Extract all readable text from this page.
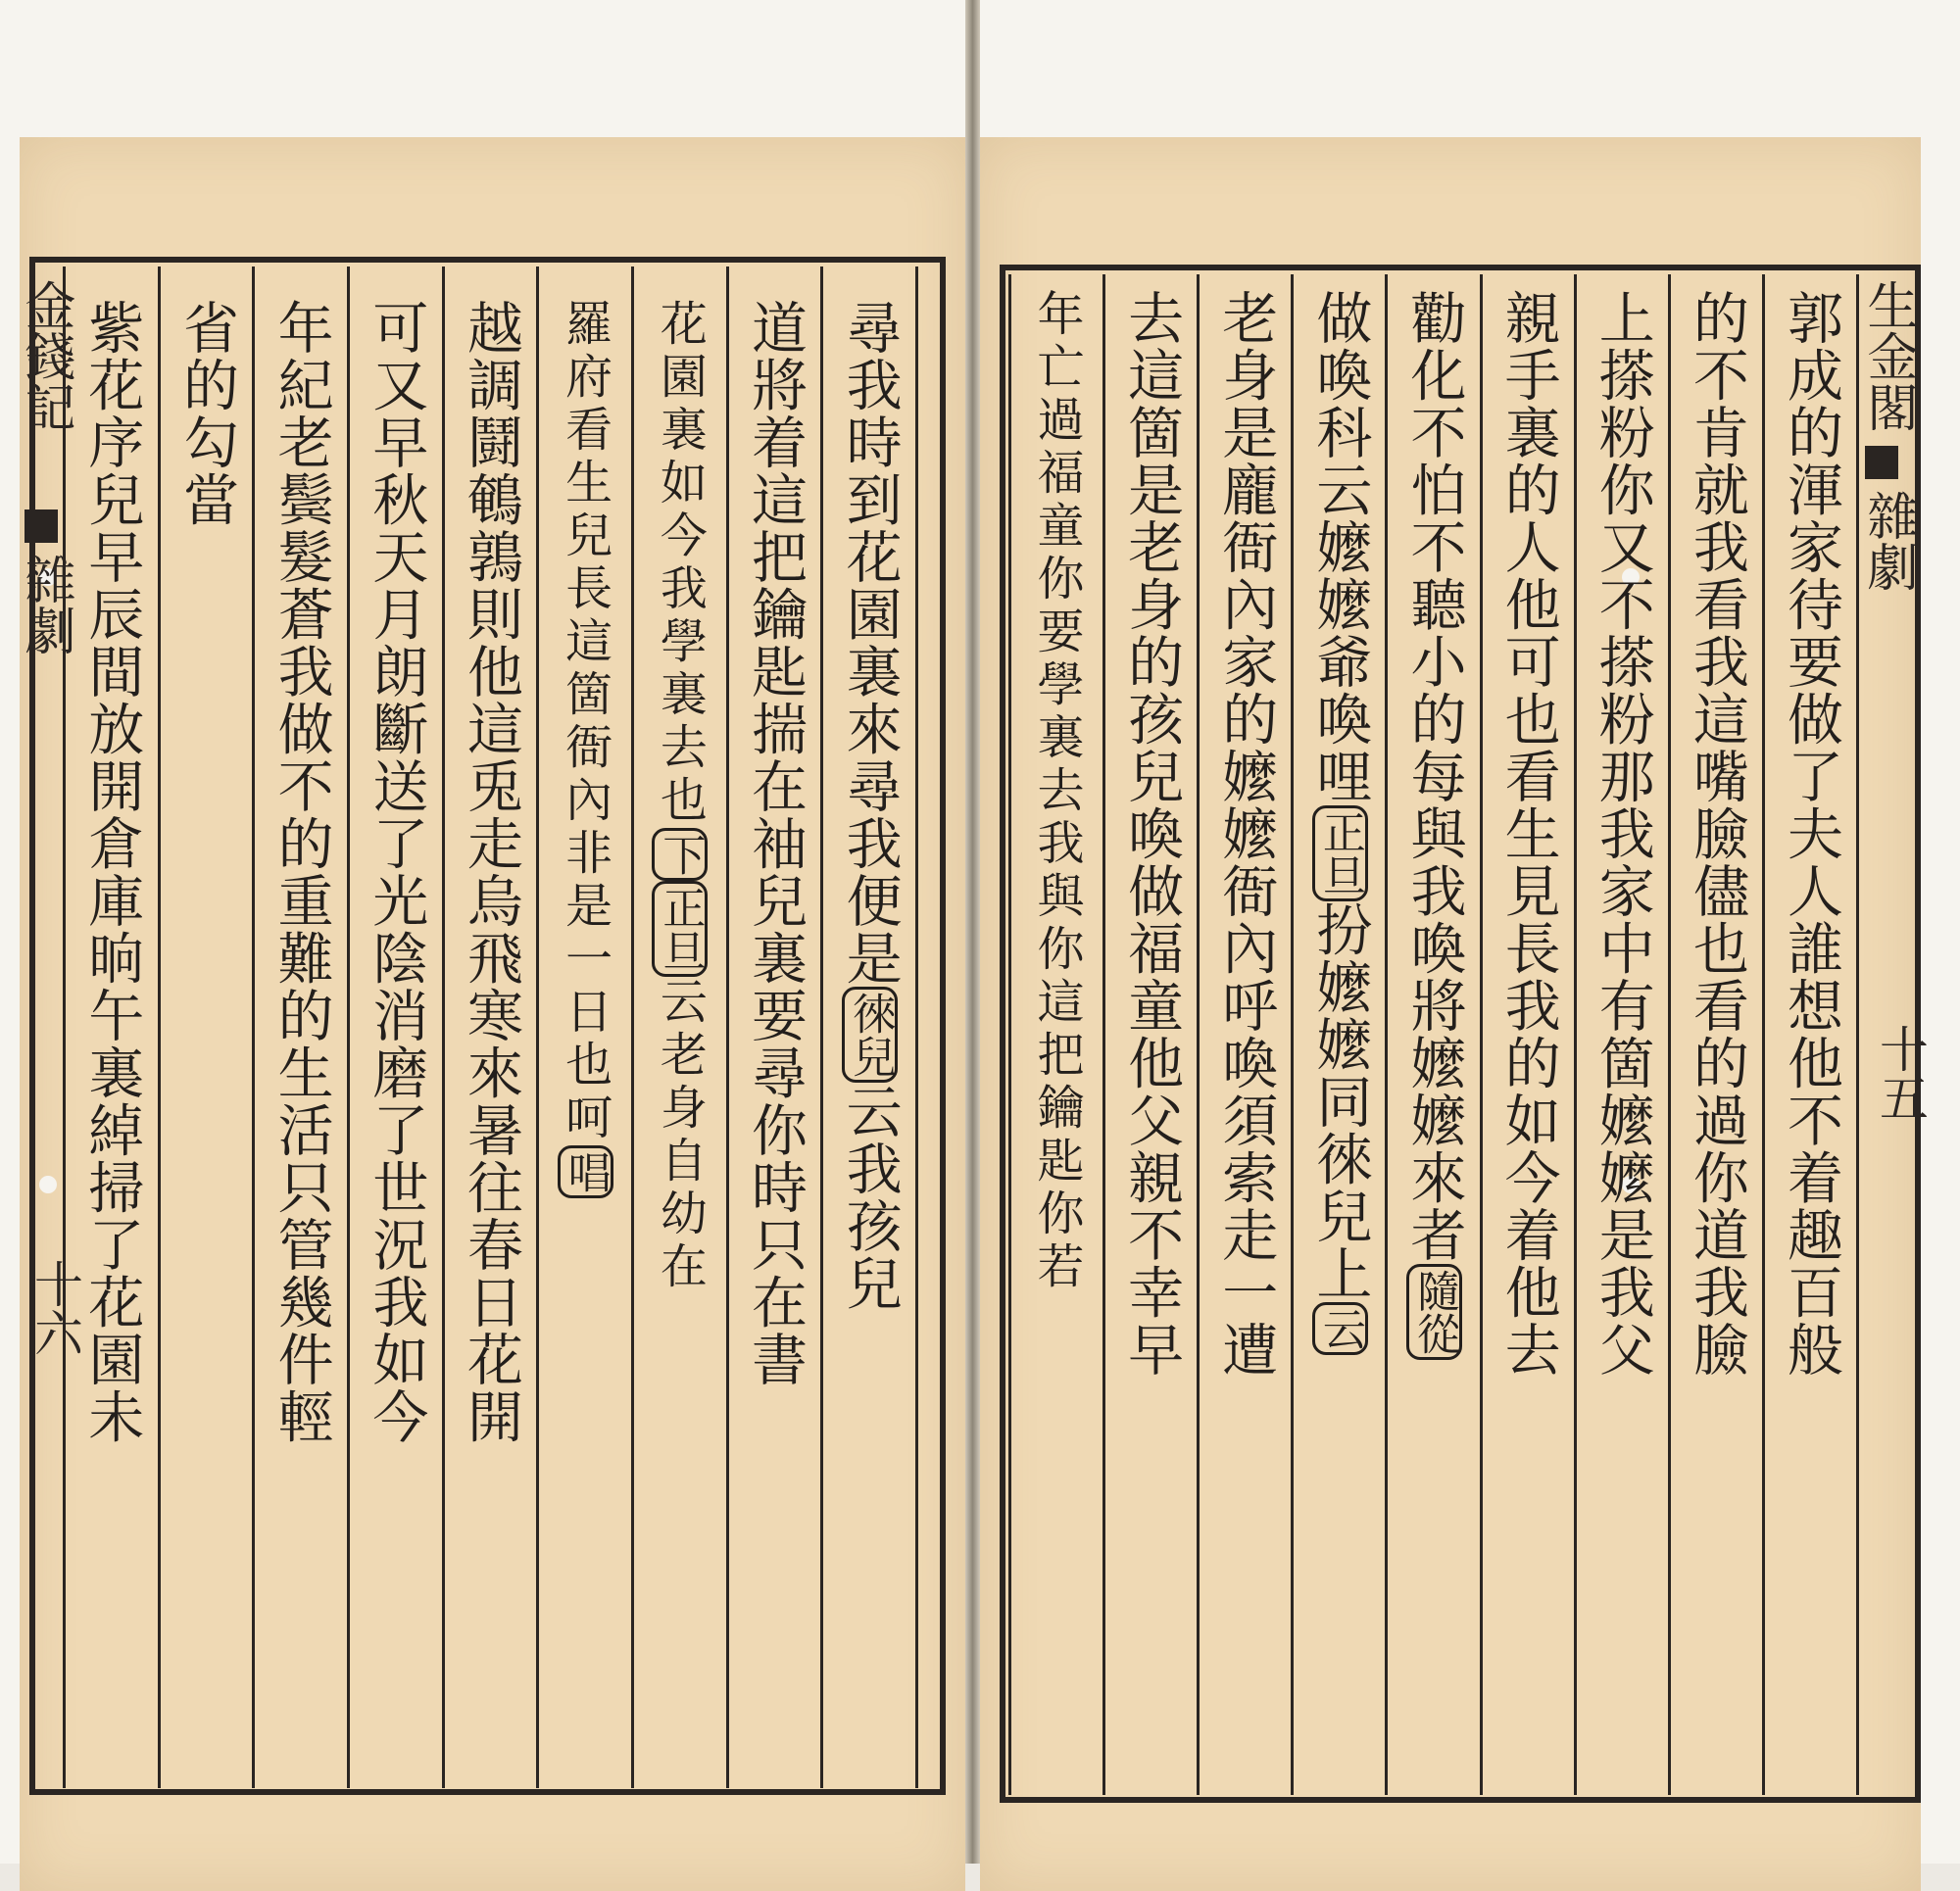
尋我時到花園裏來尋我便是徠兒云我孩兒
道將着這把鑰匙揣在袖兒裏要尋你時只在書
花園裏如今我學裏去也下正旦云老身自幼在
羅府看生兒長這箇衙內非是一日也呵唱
越調鬪鵪鶉則他這兎走烏飛寒來暑往春日花開
可又早秋天月朗斷送了光陰消磨了世況我如今
年紀老鬓髮蒼我做不的重難的生活只管幾件輕
省的勾當
紫花序兒早辰間放開倉庫晌午裏綽掃了花園未
金錢記
雜劇
十六	郭成的渾家待要做了夫人誰想他不着趣百般
的不肯就我看我這嘴臉儘也看的過你道我臉
上搽粉你又不搽粉那我家中有箇嬤嬤是我父
親手裏的人他可也看生見長我的如今着他去
勸化不怕不聽小的每與我喚將嬤嬤來者隨從
做喚科云嬤嬤爺喚哩正旦扮嬤嬤同徠兒上云
老身是龐衙內家的嬤嬤衙內呼喚須索走一遭
去這箇是老身的孩兒喚做福童他父親不幸早
年亡過福童你要學裏去我與你這把鑰匙你若	生金閣
雜劇
十五
